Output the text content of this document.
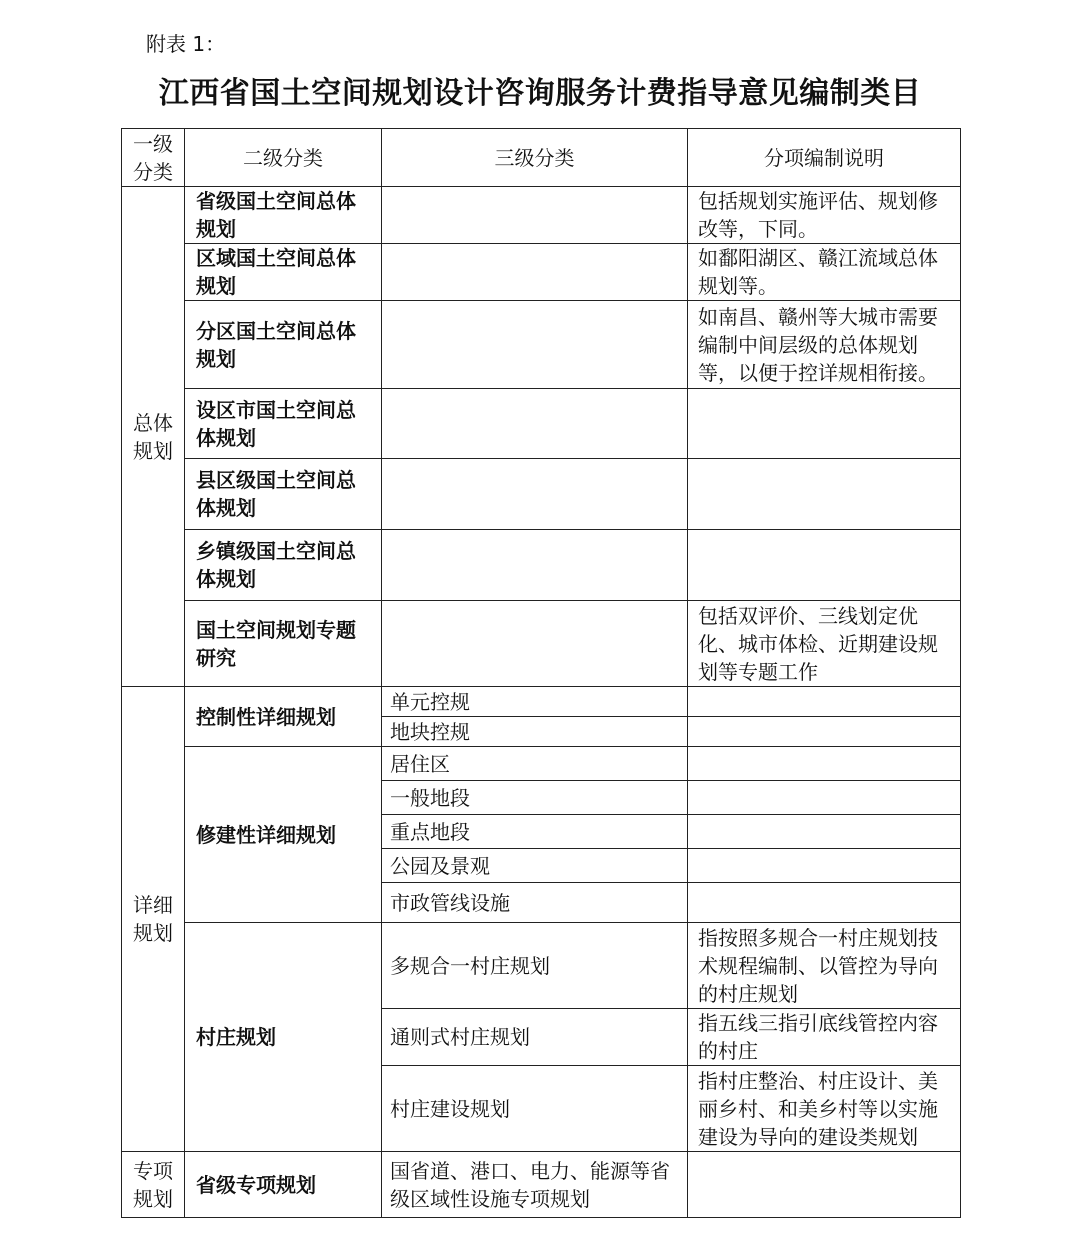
附表 1：
江西省国土空间规划设计咨询服务计费指导意见编制类目
一级
分类	二级分类	三级分类	分项编制说明
总体规划	省级国土空间总体规划		包括规划实施评估、规划修改等，下同。
	区域国土空间总体规划		如鄱阳湖区、赣江流域总体规划等。
	分区国土空间总体规划		如南昌、赣州等大城市需要编制中间层级的总体规划等，以便于控详规相衔接。
	设区市国土空间总体规划		
	县区级国土空间总体规划		
	乡镇级国土空间总体规划		
	国土空间规划专题研究		包括双评价、三线划定优化、城市体检、近期建设规划等专题工作
详细规划	控制性详细规划	单元控规	
		地块控规	
	修建性详细规划	居住区	
		一般地段	
		重点地段	
		公园及景观	
		市政管线设施	
	村庄规划	多规合一村庄规划	指按照多规合一村庄规划技术规程编制、以管控为导向的村庄规划
		通则式村庄规划	指五线三指引底线管控内容的村庄
		村庄建设规划	指村庄整治、村庄设计、美丽乡村、和美乡村等以实施建设为导向的建设类规划
专项规划	省级专项规划	国省道、港口、电力、能源等省级区域性设施专项规划	
